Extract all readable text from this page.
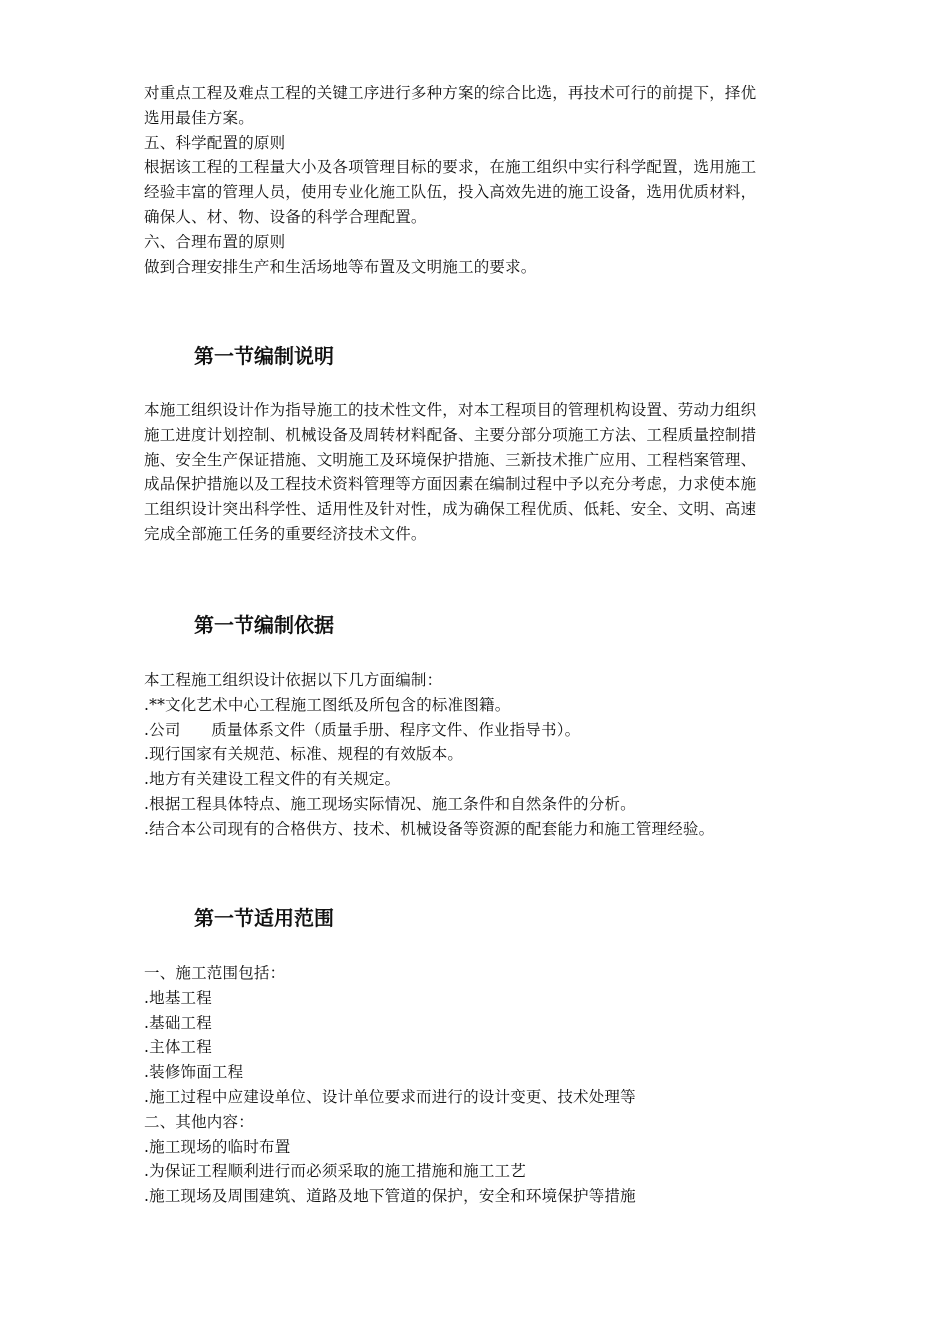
对重点工程及难点工程的关键工序进行多种方案的综合比选，再技术可行的前提下，择优
选用最佳方案。
五、科学配置的原则
根据该工程的工程量大小及各项管理目标的要求，在施工组织中实行科学配置，选用施工
经验丰富的管理人员，使用专业化施工队伍，投入高效先进的施工设备，选用优质材料，
确保人、材、物、设备的科学合理配置。
六、合理布置的原则
做到合理安排生产和生活场地等布置及文明施工的要求。
第一节编制说明
本施工组织设计作为指导施工的技术性文件，对本工程项目的管理机构设置、劳动力组织
施工进度计划控制、机械设备及周转材料配备、主要分部分项施工方法、工程质量控制措
施、安全生产保证措施、文明施工及环境保护措施、三新技术推广应用、工程档案管理、
成品保护措施以及工程技术资料管理等方面因素在编制过程中予以充分考虑，力求使本施
工组织设计突出科学性、适用性及针对性，成为确保工程优质、低耗、安全、文明、高速
完成全部施工任务的重要经济技术文件。
第一节编制依据
本工程施工组织设计依据以下几方面编制：
.**文化艺术中心工程施工图纸及所包含的标准图籍。
.公司      质量体系文件（质量手册、程序文件、作业指导书）。
.现行国家有关规范、标准、规程的有效版本。
.地方有关建设工程文件的有关规定。
.根据工程具体特点、施工现场实际情况、施工条件和自然条件的分析。
.结合本公司现有的合格供方、技术、机械设备等资源的配套能力和施工管理经验。
第一节适用范围
一、施工范围包括：
.地基工程
.基础工程
.主体工程
.装修饰面工程
.施工过程中应建设单位、设计单位要求而进行的设计变更、技术处理等
二、其他内容：
.施工现场的临时布置
.为保证工程顺利进行而必须采取的施工措施和施工工艺
.施工现场及周围建筑、道路及地下管道的保护，安全和环境保护等措施
